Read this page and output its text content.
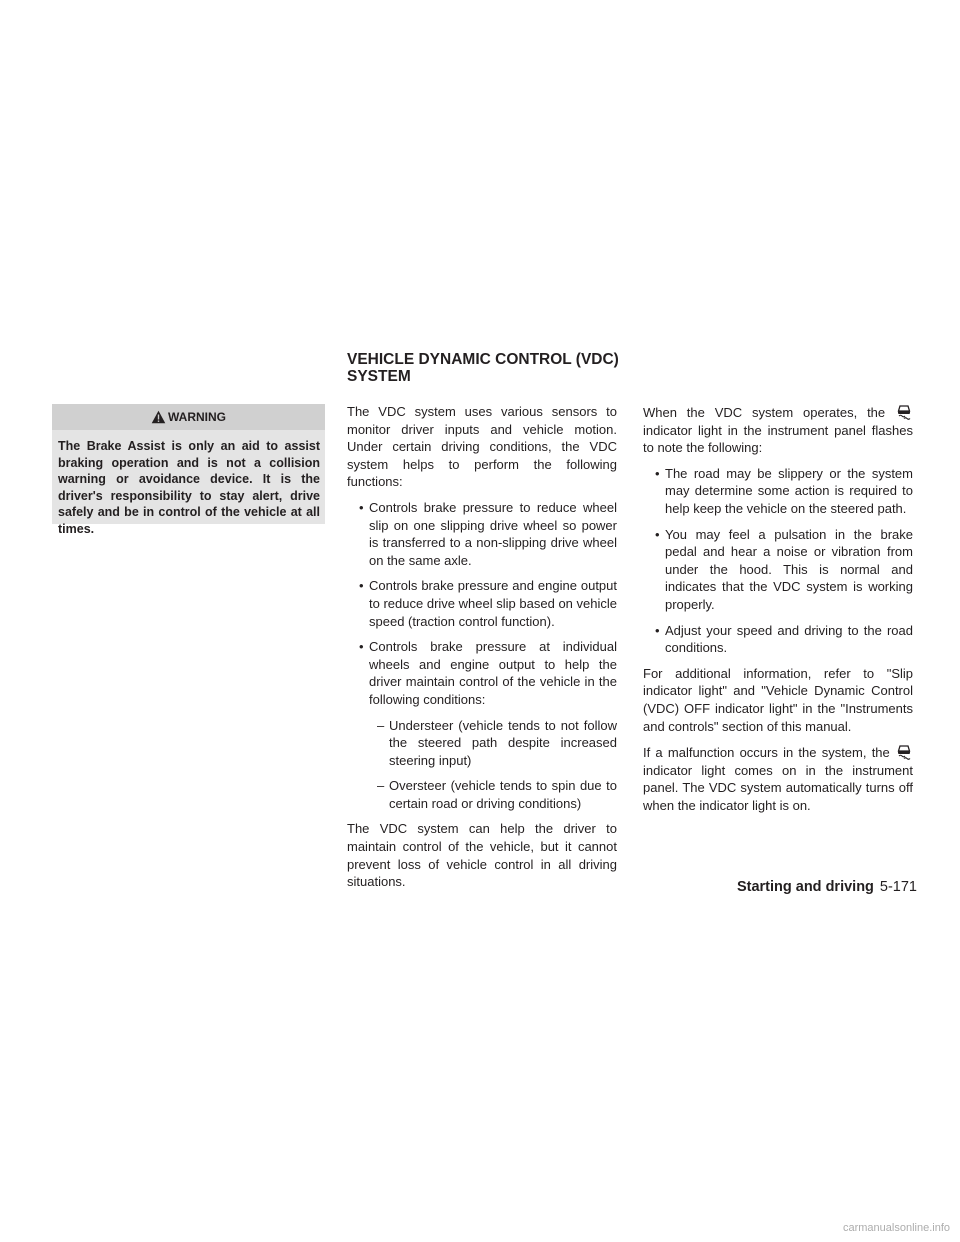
VEHICLE DYNAMIC CONTROL (VDC)
SYSTEM
WARNING
The Brake Assist is only an aid to assist braking operation and is not a collision warning or avoidance device. It is the driver's responsibility to stay alert, drive safely and be in control of the vehicle at all times.

The VDC system uses various sensors to monitor driver inputs and vehicle motion. Under certain driving conditions, the VDC system helps to perform the following functions:

• Controls brake pressure to reduce wheel slip on one slipping drive wheel so power is transferred to a non-slipping drive wheel on the same axle.
• Controls brake pressure and engine output to reduce drive wheel slip based on vehicle speed (traction control function).
• Controls brake pressure at individual wheels and engine output to help the driver maintain control of the vehicle in the following conditions:
– Understeer (vehicle tends to not follow the steered path despite increased steering input)
– Oversteer (vehicle tends to spin due to certain road or driving conditions)

The VDC system can help the driver to maintain control of the vehicle, but it cannot prevent loss of vehicle control in all driving situations.

When the VDC system operates, the  indicator light in the instrument panel flashes to note the following:

• The road may be slippery or the system may determine some action is required to help keep the vehicle on the steered path.
• You may feel a pulsation in the brake pedal and hear a noise or vibration from under the hood. This is normal and indicates that the VDC system is working properly.
• Adjust your speed and driving to the road conditions.

For additional information, refer to "Slip indicator light" and "Vehicle Dynamic Control (VDC) OFF indicator light" in the "Instruments and controls" section of this manual.

If a malfunction occurs in the system, the  indicator light comes on in the instrument panel. The VDC system automatically turns off when the indicator light is on.

Starting and driving 5-171
carmanualsonline.info
